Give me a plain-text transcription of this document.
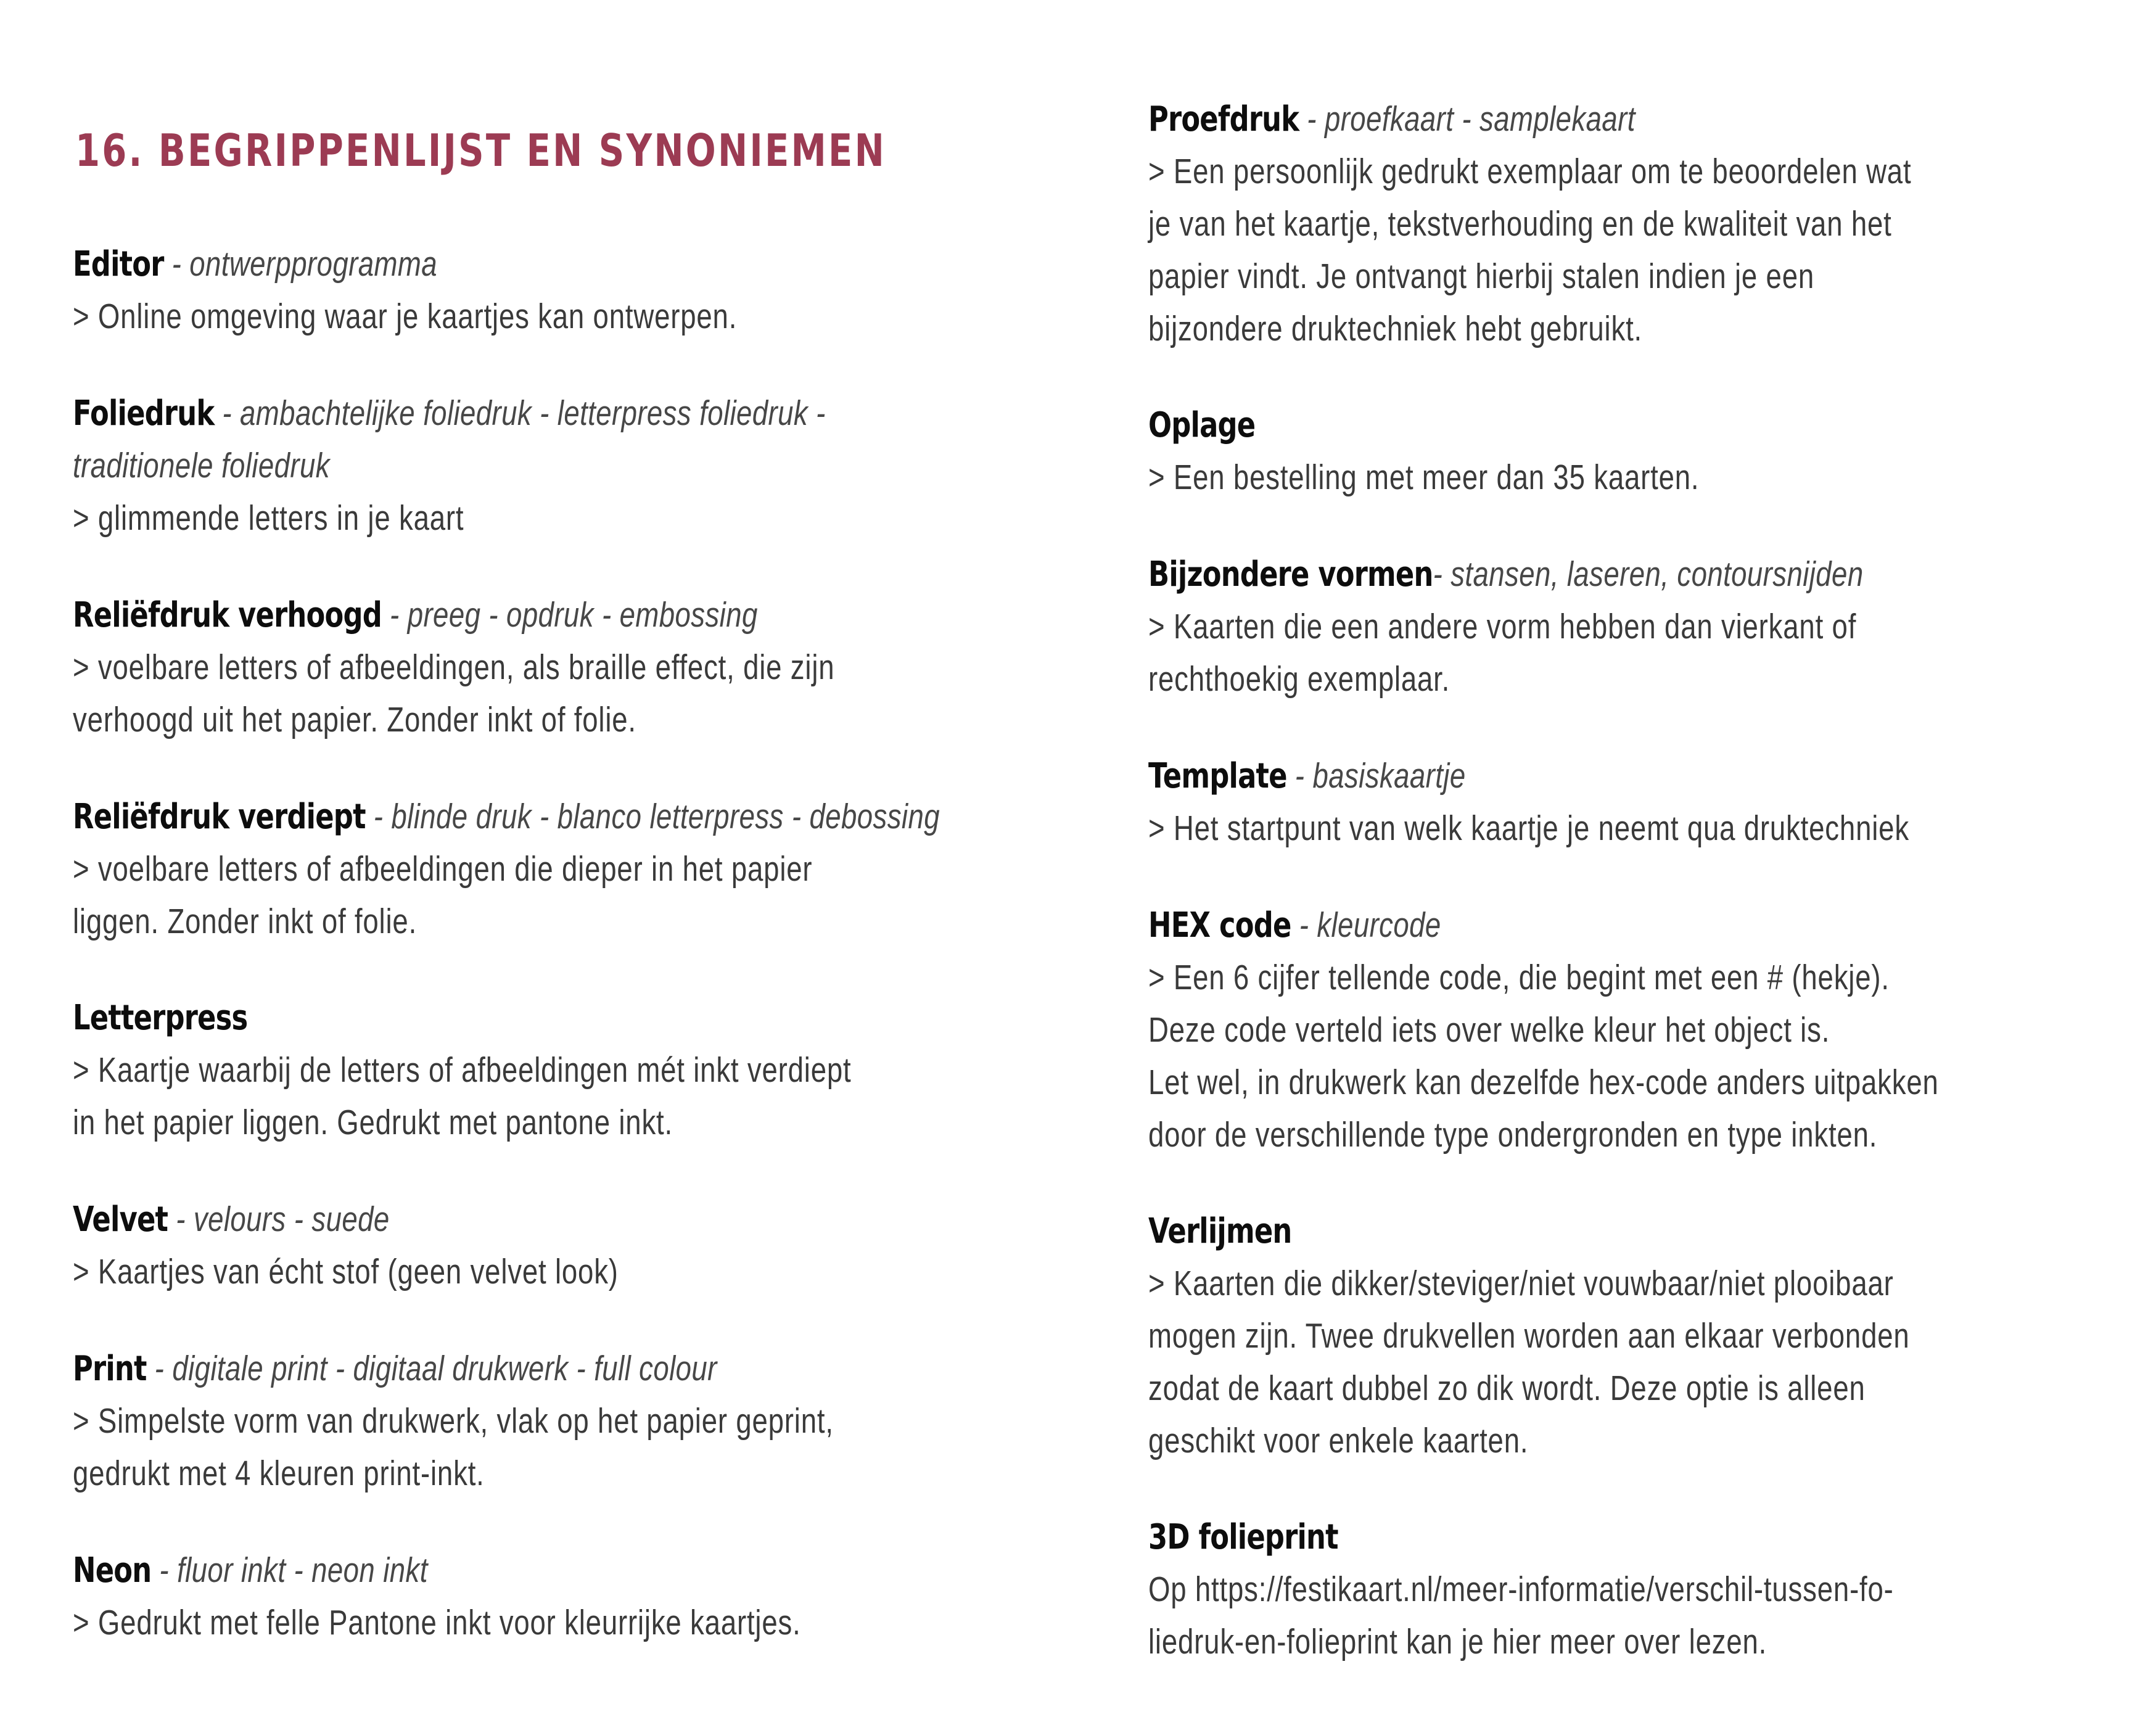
16. BEGRIPPENLIJST EN SYNONIEMEN
Editor - ontwerpprogramma
> Online omgeving waar je kaartjes kan ontwerpen.
Foliedruk - ambachtelijke foliedruk - letterpress foliedruk -
traditionele foliedruk
> glimmende letters in je kaart
Reliëfdruk verhoogd - preeg - opdruk - embossing
> voelbare letters of afbeeldingen, als braille effect, die zijn
verhoogd uit het papier. Zonder inkt of folie.
Reliëfdruk verdiept - blinde druk - blanco letterpress - debossing
> voelbare letters of afbeeldingen die dieper in het papier
liggen. Zonder inkt of folie.
Letterpress
> Kaartje waarbij de letters of afbeeldingen mét inkt verdiept
in het papier liggen. Gedrukt met pantone inkt.
Velvet - velours - suede
> Kaartjes van écht stof (geen velvet look)
Print - digitale print - digitaal drukwerk - full colour
> Simpelste vorm van drukwerk, vlak op het papier geprint,
gedrukt met 4 kleuren print-inkt.
Neon - fluor inkt - neon inkt
> Gedrukt met felle Pantone inkt voor kleurrijke kaartjes.
Proefdruk - proefkaart - samplekaart
> Een persoonlijk gedrukt exemplaar om te beoordelen wat
je van het kaartje, tekstverhouding en de kwaliteit van het
papier vindt. Je ontvangt hierbij stalen indien je een
bijzondere druktechniek hebt gebruikt.
Oplage
> Een bestelling met meer dan 35 kaarten.
Bijzondere vormen- stansen, laseren, contoursnijden
> Kaarten die een andere vorm hebben dan vierkant of
rechthoekig exemplaar.
Template - basiskaartje
> Het startpunt van welk kaartje je neemt qua druktechniek
HEX code - kleurcode
> Een 6 cijfer tellende code, die begint met een # (hekje).
Deze code verteld iets over welke kleur het object is.
Let wel, in drukwerk kan dezelfde hex-code anders uitpakken
door de verschillende type ondergronden en type inkten.
Verlijmen
> Kaarten die dikker/steviger/niet vouwbaar/niet plooibaar
mogen zijn. Twee drukvellen worden aan elkaar verbonden
zodat de kaart dubbel zo dik wordt. Deze optie is alleen
geschikt voor enkele kaarten.
3D folieprint
Op https://festikaart.nl/meer-informatie/verschil-tussen-fo-
liedruk-en-folieprint kan je hier meer over lezen.
